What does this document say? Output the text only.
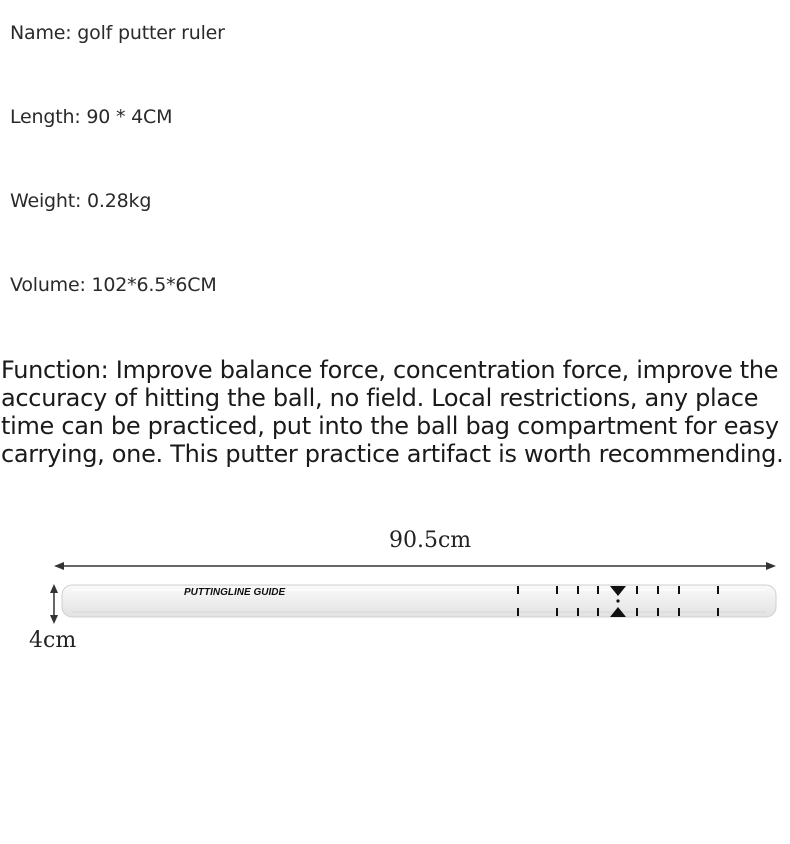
Name: golf putter ruler
Length: 90 * 4CM
Weight: 0.28kg
Volume: 102*6.5*6CM
Function: Improve balance force, concentration force, improve the accuracy of hitting the ball, no field. Local restrictions, any place time can be practiced, put into the ball bag compartment for easy carrying, one. This putter practice artifact is worth recommending.
90.5cm
4cm
PUTTINGLINE GUIDE
